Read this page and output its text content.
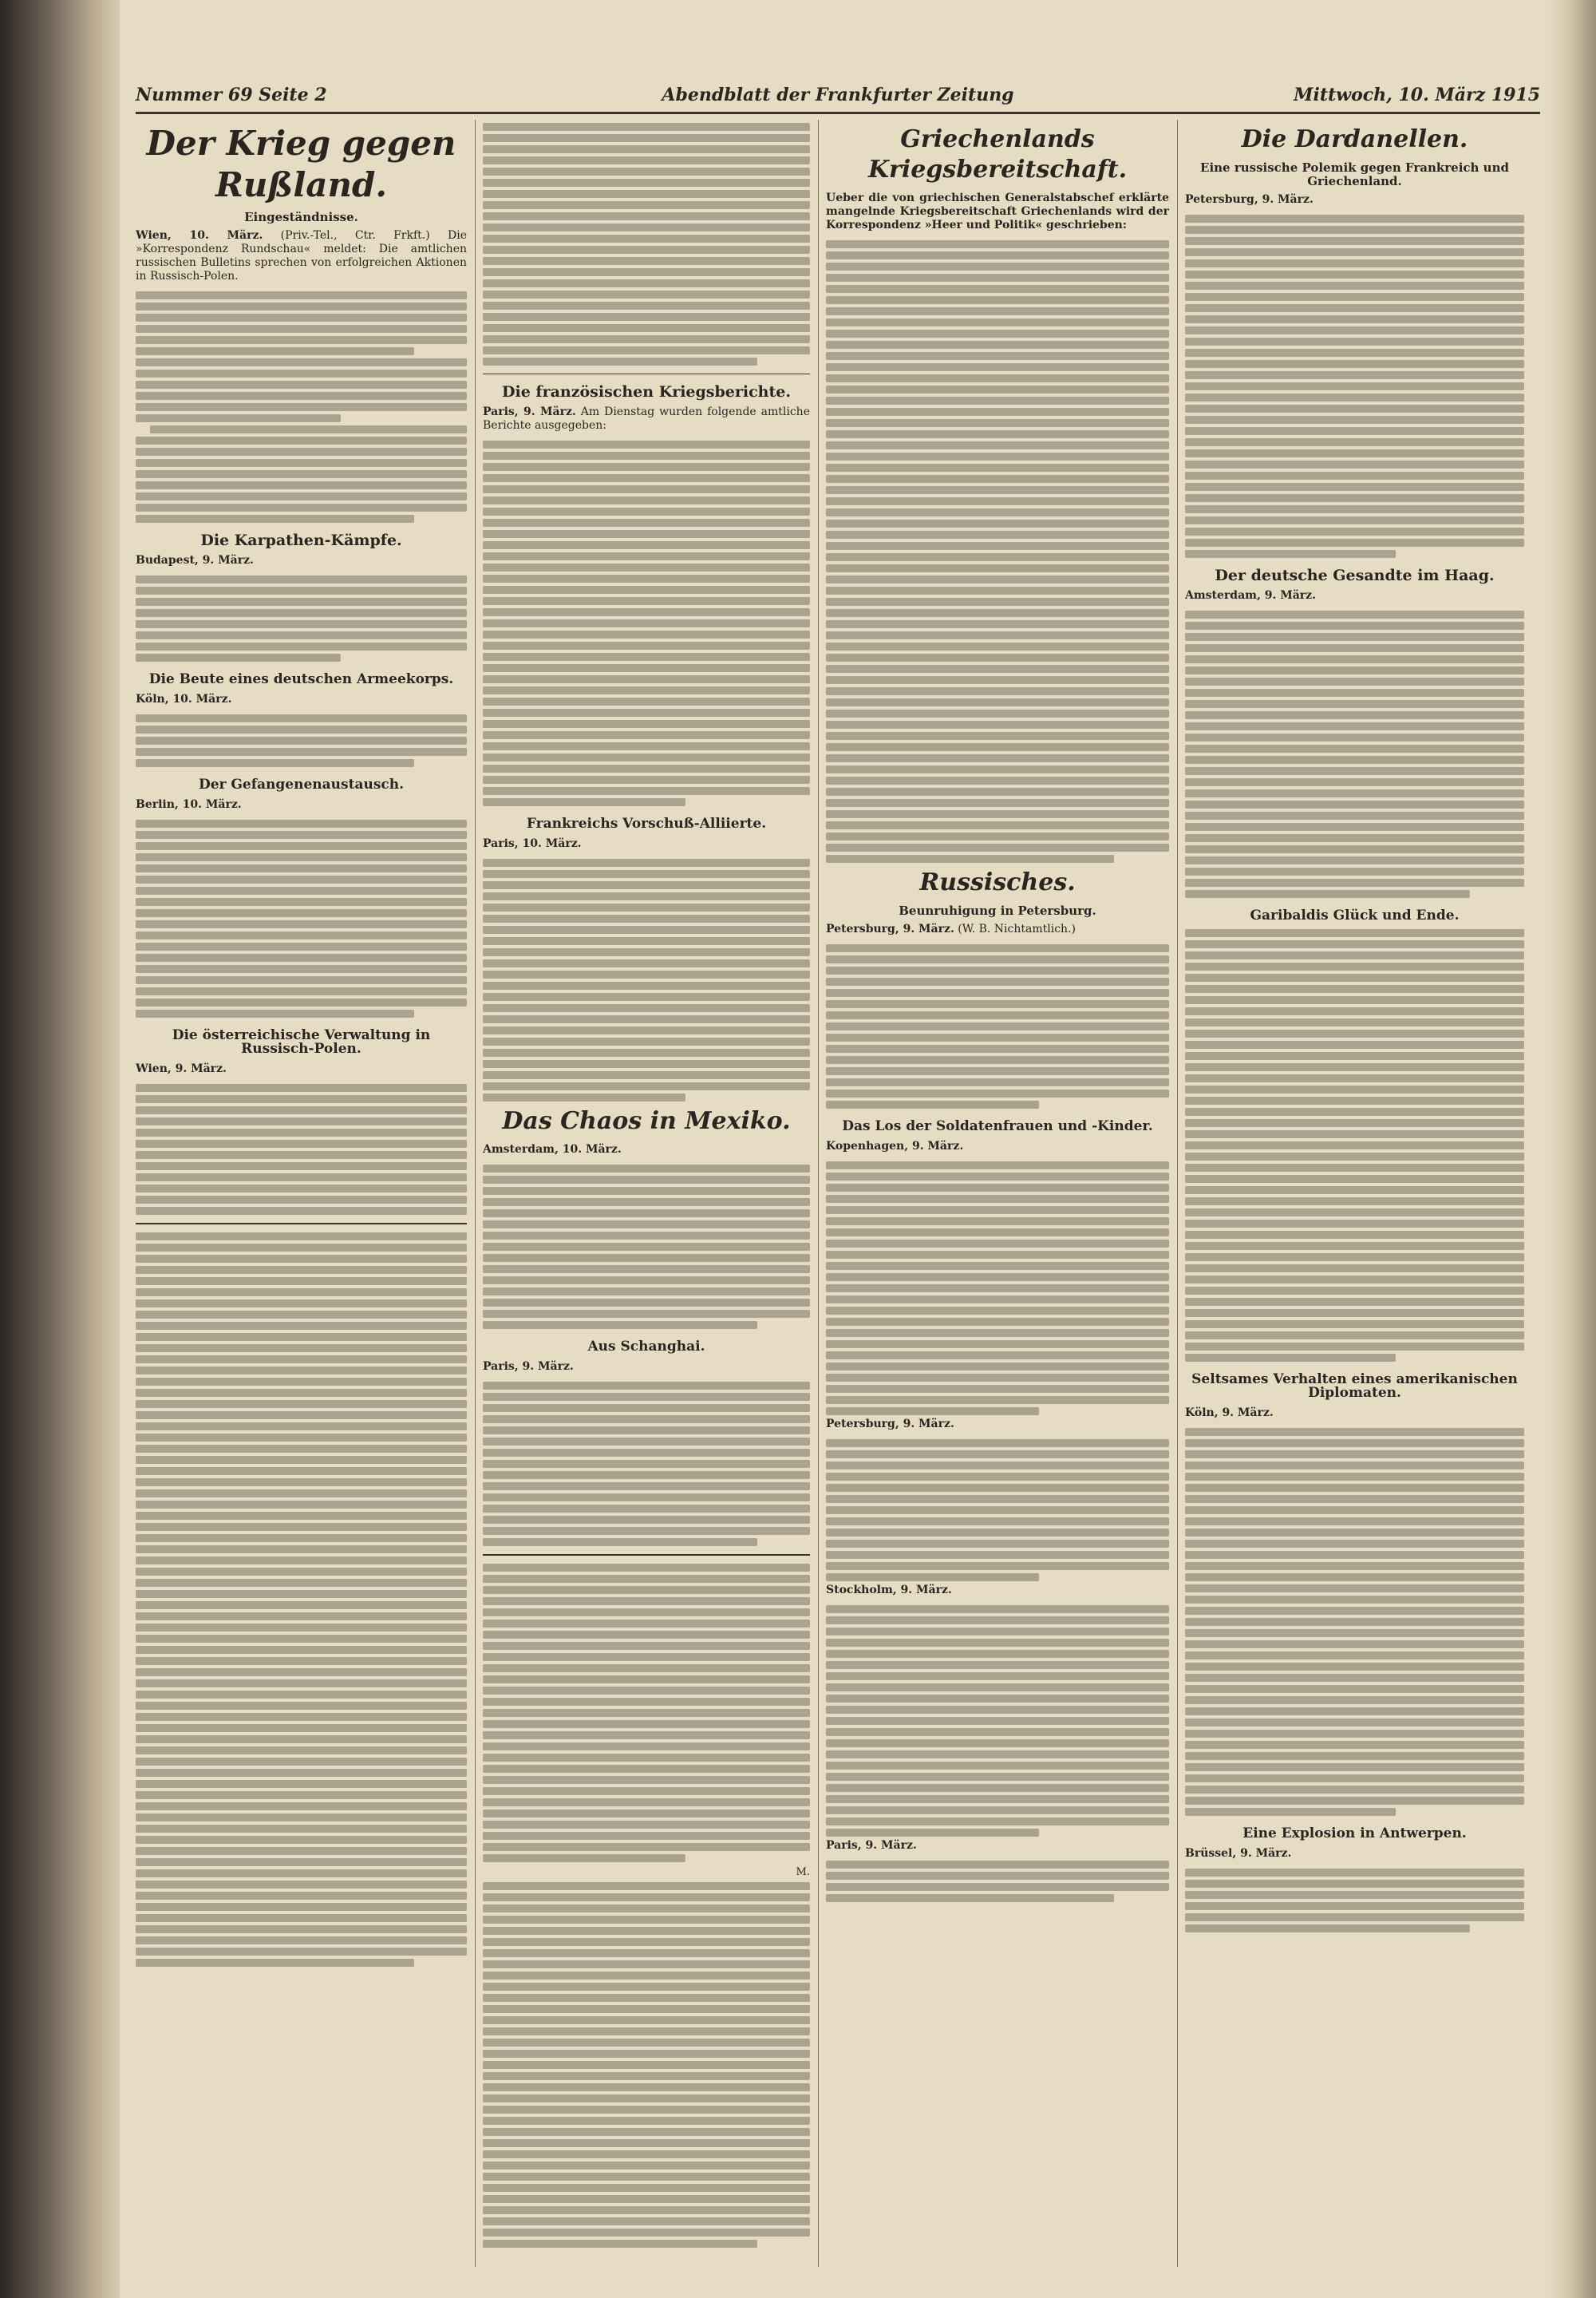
Nummer 69 Seite 2	Abendblatt der Frankfurter Zeitung	Mittwoch, 10. März 1915
Der Krieg gegen Rußland.
Eingeständnisse.
Wien, 10. März. (Priv.-Tel., Ctr. Frkft.) Die »Korrespondenz Rundschau« meldet: Die amtlichen russischen Bulletins sprechen von erfolgreichen Aktionen in Russisch-Polen.
Die Karpathen-Kämpfe.
Budapest, 9. März.
Die Beute eines deutschen Armeekorps.
Köln, 10. März.
Der Gefangenenaustausch.
Berlin, 10. März.
Die österreichische Verwaltung in Russisch-Polen.
Wien, 9. März.
Die französischen Kriegsberichte.
Paris, 9. März. Am Dienstag wurden folgende amtliche Berichte ausgegeben:
Frankreichs Vorschuß-Alliierte.
Paris, 10. März.
Das Chaos in Mexiko.
Amsterdam, 10. März.
Aus Schanghai.
Paris, 9. März.
M.
Griechenlands Kriegsbereitschaft.
Ueber die von griechischen Generalstabschef erklärte mangelnde Kriegsbereitschaft Griechenlands wird der Korrespondenz »Heer und Politik« geschrieben:
Russisches.
Beunruhigung in Petersburg.
Petersburg, 9. März. (W. B. Nichtamtlich.)
Das Los der Soldatenfrauen und -Kinder.
Kopenhagen, 9. März.
Petersburg, 9. März.
Stockholm, 9. März.
Paris, 9. März.
Die Dardanellen.
Eine russische Polemik gegen Frankreich und Griechenland.
Petersburg, 9. März.
Der deutsche Gesandte im Haag.
Amsterdam, 9. März.
Garibaldis Glück und Ende.
Seltsames Verhalten eines amerikanischen Diplomaten.
Köln, 9. März.
Eine Explosion in Antwerpen.
Brüssel, 9. März.
